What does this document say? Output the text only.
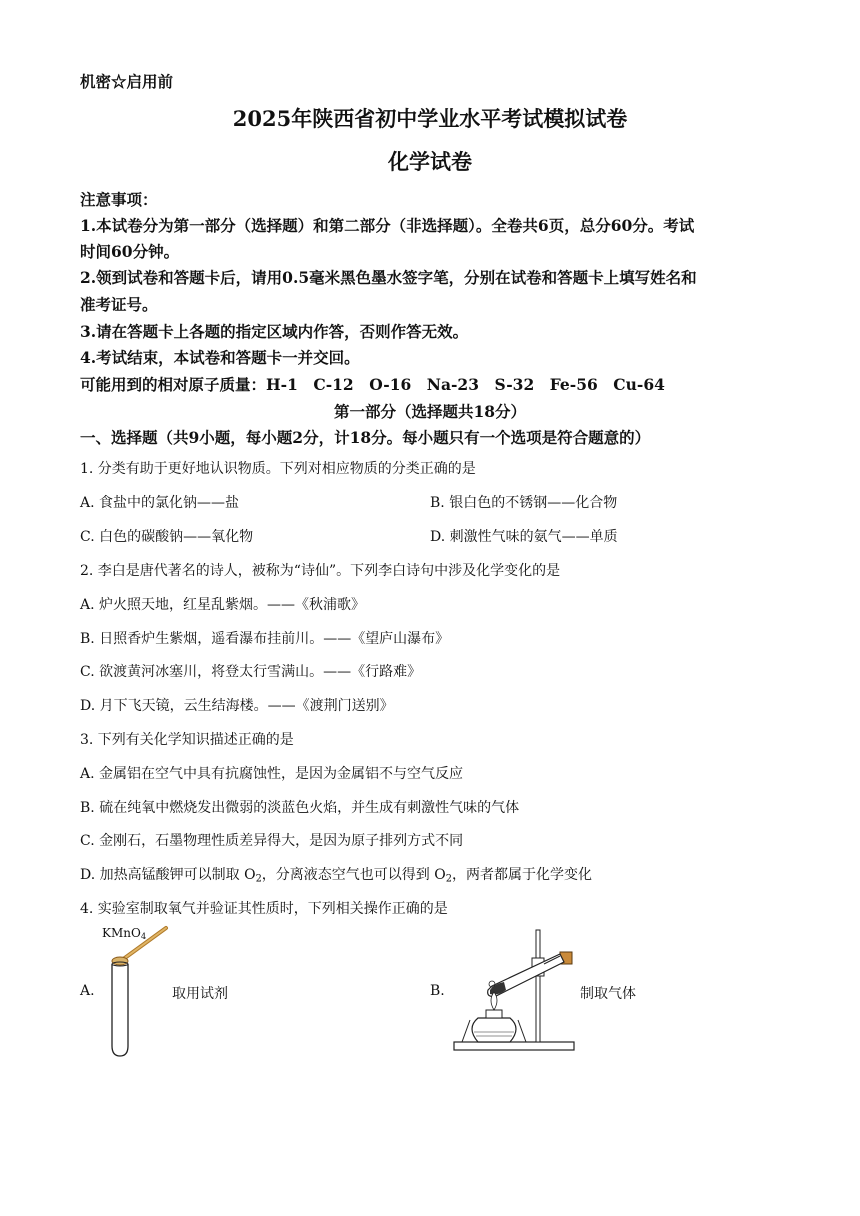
机密☆启用前
2025年陕西省初中学业水平考试模拟试卷
化学试卷
注意事项：
1.本试卷分为第一部分（选择题）和第二部分（非选择题）。全卷共6页，总分60分。考试
时间60分钟。
2.领到试卷和答题卡后，请用0.5毫米黑色墨水签字笔，分别在试卷和答题卡上填写姓名和
准考证号。
3.请在答题卡上各题的指定区域内作答，否则作答无效。
4.考试结束，本试卷和答题卡一并交回。
可能用到的相对原子质量：H-1　C-12　O-16　Na-23　S-32　Fe-56　Cu-64
第一部分（选择题共18分）
一、选择题（共9小题，每小题2分，计18分。每小题只有一个选项是符合题意的）
1. 分类有助于更好地认识物质。下列对相应物质的分类正确的是
A. 食盐中的氯化钠——盐	B. 银白色的不锈钢——化合物
C. 白色的碳酸钠——氧化物	D. 刺激性气味的氨气——单质
2. 李白是唐代著名的诗人，被称为“诗仙”。下列李白诗句中涉及化学变化的是
A. 炉火照天地，红星乱紫烟。——《秋浦歌》
B. 日照香炉生紫烟，遥看瀑布挂前川。——《望庐山瀑布》
C. 欲渡黄河冰塞川，将登太行雪满山。——《行路难》
D. 月下飞天镜，云生结海楼。——《渡荆门送别》
3. 下列有关化学知识描述正确的是
A. 金属铝在空气中具有抗腐蚀性，是因为金属铝不与空气反应
B. 硫在纯氧中燃烧发出微弱的淡蓝色火焰，并生成有刺激性气味的气体
C. 金刚石，石墨物理性质差异得大，是因为原子排列方式不同
D. 加热高锰酸钾可以制取 $O_2$，分离液态空气也可以得到 $O_2$，两者都属于化学变化
4. 实验室制取氧气并验证其性质时，下列相关操作正确的是
A.
KMnO$_4$
取用试剂	B.	制取气体
